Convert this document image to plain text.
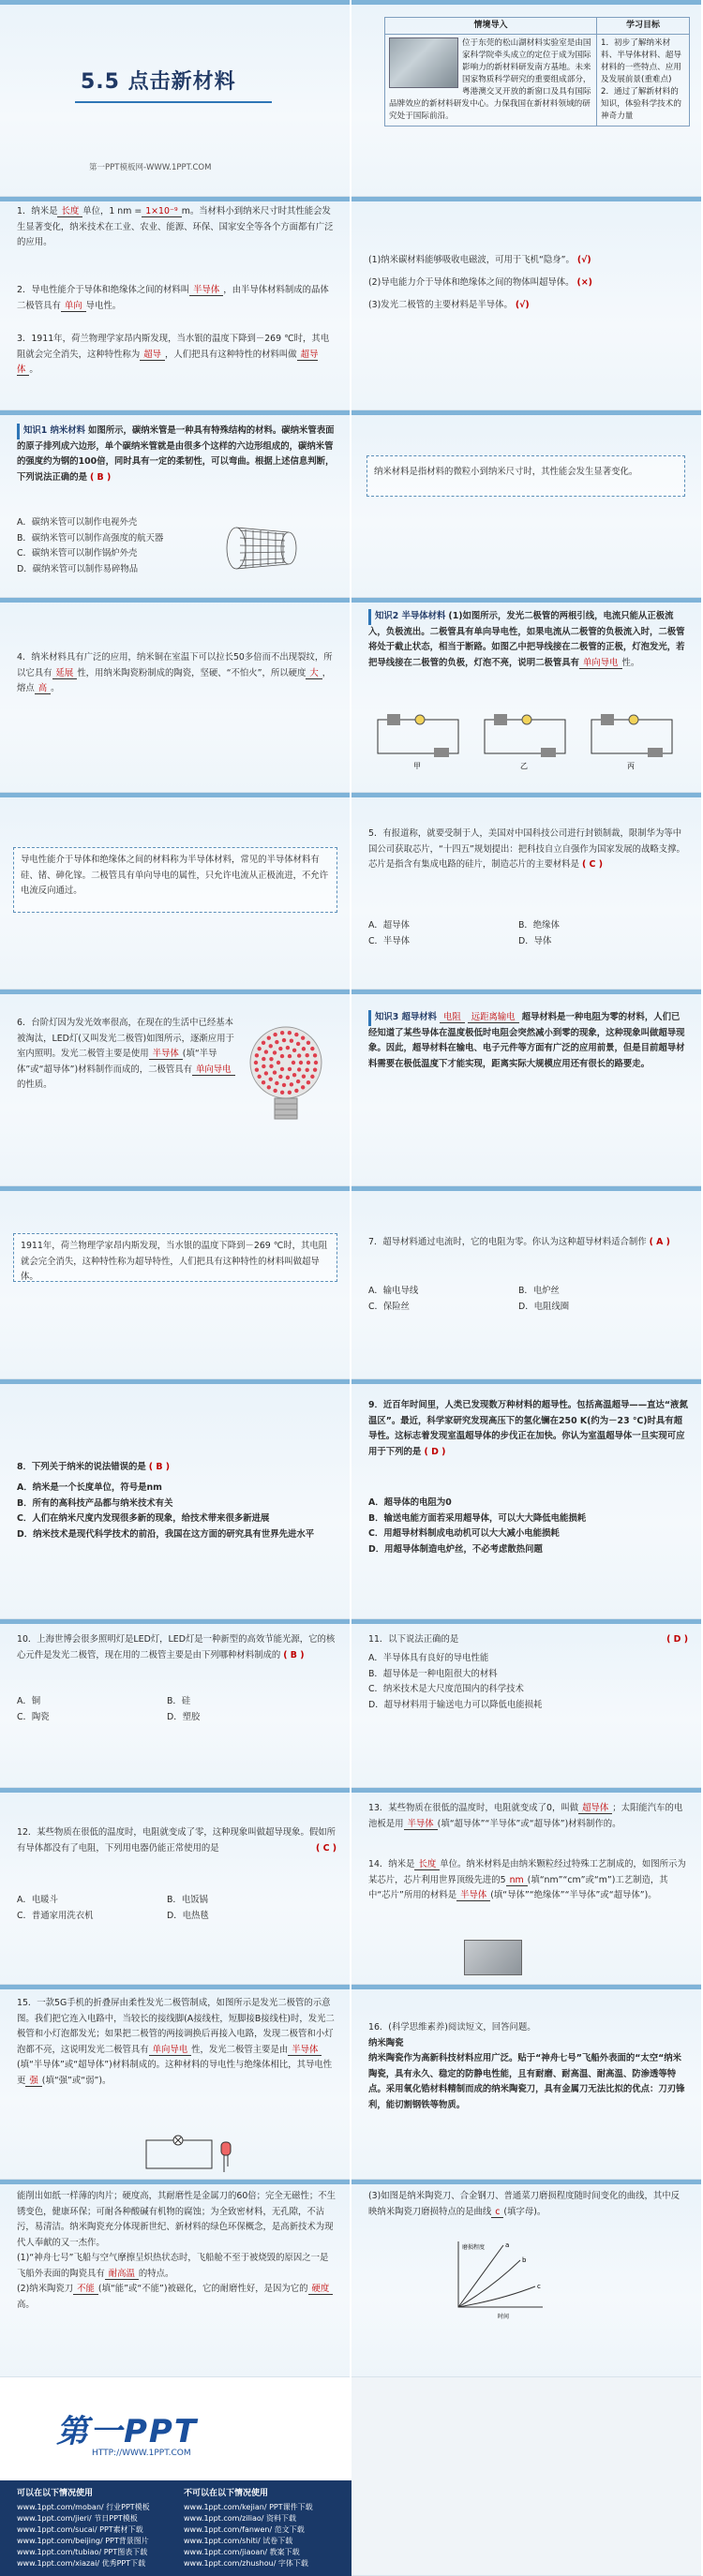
5.5 点击新材料
第一PPT模板网-WWW.1PPT.COM
情境导入	学习目标

位于东莞的松山湖材料实验室是由国家科学院牵头成立的定位于成为国际影响力的新材料研发南方基地。未来国家物质科学研究的重要组成部分，粤港澳交叉开放的新窗口及具有国际品牌效应的新材料研发中心。力保我国在新材料领域的研究处于国际前沿。	1．初步了解纳米材料、半导体材料、超导材料的一些特点、应用及发展前景(重难点)
2．通过了解新材料的知识，体验科学技术的神奇力量
1．纳米是 长度 单位，1 nm = 1×10⁻⁹ m。当材料小到纳米尺寸时其性能会发生显著变化，纳米技术在工业、农业、能源、环保、国家安全等各个方面都有广泛的应用。
2．导电性能介于导体和绝缘体之间的材料叫 半导体 ，由半导体材料制成的晶体二极管具有 单向 导电性。
3．1911年，荷兰物理学家昂内斯发现，当水银的温度下降到－269 ℃时，其电阻就会完全消失，这种特性称为 超导 ，人们把具有这种特性的材料叫做 超导体 。
(1)纳米碳材料能够吸收电磁波，可用于飞机“隐身”。 (√)
(2)导电能力介于导体和绝缘体之间的物体叫超导体。 (×)
(3)发光二极管的主要材料是半导体。 (√)
知识1 纳米材料 如图所示，碳纳米管是一种具有特殊结构的材料。碳纳米管表面的原子排列成六边形，单个碳纳米管就是由很多个这样的六边形组成的，碳纳米管的强度约为钢的100倍，同时具有一定的柔韧性，可以弯曲。根据上述信息判断，下列说法正确的是 ( B )
A．碳纳米管可以制作电视外壳
B．碳纳米管可以制作高强度的航天器
C．碳纳米管可以制作锅炉外壳
D．碳纳米管可以制作易碎物品
纳米材料是指材料的微粒小到纳米尺寸时，其性能会发生显著变化。
4．纳米材料具有广泛的应用，纳米铜在室温下可以拉长50多倍而不出现裂纹，所以它具有 延展 性，用纳米陶瓷粉制成的陶瓷，坚硬、“不怕火”，所以硬度 大 ，熔点 高 。
知识2 半导体材料 (1)如图所示，发光二极管的两根引线，电流只能从正极流入，负极流出。二极管具有单向导电性，如果电流从二极管的负极流入时，二极管将处于截止状态，相当于断路。如图乙中把导线接在二极管的正极，灯泡发光，若把导线接在二极管的负极，灯泡不亮，说明二极管具有 单向导电 性。
甲	乙	丙
导电性能介于导体和绝缘体之间的材料称为半导体材料，常见的半导体材料有硅、锗、砷化镓。二极管具有单向导电的属性，只允许电流从正极流进，不允许电流反向通过。
5．有报道称，就要受制于人，美国对中国科技公司进行封锁制裁，限制华为等中国公司获取芯片，“十四五”规划提出：把科技自立自强作为国家发展的战略支撑。芯片是指含有集成电路的硅片，制造芯片的主要材料是 ( C )
A．超导体	B．绝缘体
C．半导体	D．导体
6．台阶灯因为发光效率很高，在现在的生活中已经基本被淘汰，LED灯(又叫发光二极管)如图所示，逐渐应用于室内照明。发光二极管主要是使用 半导体 (填“半导体”或“超导体”)材料制作而成的，二极管具有 单向导电的性质。
知识3 超导材料 电阻 远距离输电 超导材料是一种电阻为零的材料，人们已经知道了某些导体在温度极低时电阻会突然减小到零的现象，这种现象叫做超导现象。因此，超导材料在输电、电子元件等方面有广泛的应用前景，但是目前超导材料需要在极低温度下才能实现，距离实际大规模应用还有很长的路要走。
1911年，荷兰物理学家昂内斯发现，当水银的温度下降到－269 ℃时，其电阻就会完全消失，这种特性称为超导特性，人们把具有这种特性的材料叫做超导体。
7．超导材料通过电流时，它的电阻为零。你认为这种超导材料适合制作 ( A )
A．输电导线	B．电炉丝
C．保险丝	D．电阻线圈
8．下列关于纳米的说法错误的是 ( B )
A．纳米是一个长度单位，符号是nm
B．所有的高科技产品都与纳米技术有关
C．人们在纳米尺度内发现很多新的现象，给技术带来很多新进展
D．纳米技术是现代科学技术的前沿，我国在这方面的研究具有世界先进水平
9．近百年时间里，人类已发现数万种材料的超导性。包括高温超导——直达“液氮温区”。最近，科学家研究发现高压下的氢化镧在250 K(约为－23 ℃)时具有超导性。这标志着发现室温超导体的步伐正在加快。你认为室温超导体一旦实现可应用于下列的是 ( D )
A．超导体的电阻为0
B．输送电能方面若采用超导体，可以大大降低电能损耗
C．用超导材料制成电动机可以大大减小电能损耗
D．用超导体制造电炉丝，不必考虑散热问题
10．上海世博会很多照明灯是LED灯，LED灯是一种新型的高效节能光源，它的核心元件是发光二极管，现在用的二极管主要是由下列哪种材料制成的 ( B )
A．铜	B．硅
C．陶瓷	D．塑胶
11．以下说法正确的是	( D )
A．半导体具有良好的导电性能
B．超导体是一种电阻很大的材料
C．纳米技术是大尺度范围内的科学技术
D．超导材料用于输送电力可以降低电能损耗
12．某些物质在很低的温度时，电阻就变成了零，这种现象叫做超导现象。假如所有导体都没有了电阻，下列用电器仍能正常使用的是	( C )
A．电暖斗	B．电饭锅
C．普通家用洗衣机	D．电热毯
13．某些物质在很低的温度时，电阻就变成了0，叫做 超导体 ；太阳能汽车的电池板是用 半导体 (填“超导体”“半导体”或“超导体”)材料制作的。
14．纳米是 长度 单位。纳米材料是由纳米颗粒经过特殊工艺制成的，如图所示为某芯片，芯片利用世界顶级先进的5 nm (填“nm”“cm”或“m”)工艺制造，其中“芯片”所用的材料是 半导体 (填“导体”“绝缘体”“半导体”或“超导体”)。
15．一款5G手机的折叠屏由柔性发光二极管制成，如图所示是发光二极管的示意图。我们把它连入电路中，当较长的接线脚(A接线柱，短脚接B接线柱)时，发光二极管和小灯泡都发光；如果把二极管的两接调换后再接入电路，发现二极管和小灯泡都不亮，这说明发光二极管具有 单向导电 性，发光二极管主要是由 半导体(填“半导体”或“超导体”)材料制成的。这种材料的导电性与绝缘体相比，其导电性更 强 (填“强”或“弱”)。
16．(科学思维素养)阅读短文，回答问题。
纳米陶瓷
纳米陶瓷作为高新科技材料应用广泛。贴于“神舟七号”飞船外表面的“太空“纳米陶瓷，具有永久、稳定的防静电性能，且有耐磨、耐高温、耐高温、防渗透等特点。采用氧化锆材料精制而成的纳米陶瓷刀，具有金属刀无法比拟的优点：刀刃锋利，能切割钢铁等物质。
能削出如纸一样薄的肉片；硬度高，其耐磨性是金属刀的60倍；完全无磁性；不生锈变色，健康环保；可耐各种酸碱有机物的腐蚀；为全致密材料，无孔隙，不沾污，易清洁。纳米陶瓷充分体现新世纪、新材料的绿色环保概念，是高新技术为现代人奉献的又一杰作。
(1)“神舟七号”飞船与空气摩擦呈炽热状态时，飞船舱不至于被烧毁的原因之一是飞船外表面的陶瓷具有 耐高温 的特点。
(2)纳米陶瓷刀 不能 (填“能”或“不能”)被磁化，它的耐磨性好，是因为它的 硬度高。
(3)如图是纳米陶瓷刀、合金钢刀、普通菜刀磨损程度随时间变化的曲线，其中反映纳米陶瓷刀磨损特点的是曲线 c (填字母)。
a
b
c
磨损程度
时间
第一PPT
HTTP://WWW.1PPT.COM
可以在以下情况使用
www.1ppt.com/moban/ 行业PPT模板
www.1ppt.com/jieri/ 节日PPT模板
www.1ppt.com/sucai/ PPT素材下载
www.1ppt.com/beijing/ PPT背景图片
www.1ppt.com/tubiao/ PPT图表下载
www.1ppt.com/xiazai/ 优秀PPT下载
不可以在以下情况使用
www.1ppt.com/kejian/ PPT课件下载
www.1ppt.com/ziliao/ 资料下载
www.1ppt.com/fanwen/ 范文下载
www.1ppt.com/shiti/ 试卷下载
www.1ppt.com/jiaoan/ 教案下载
www.1ppt.com/zhushou/ 字体下载
